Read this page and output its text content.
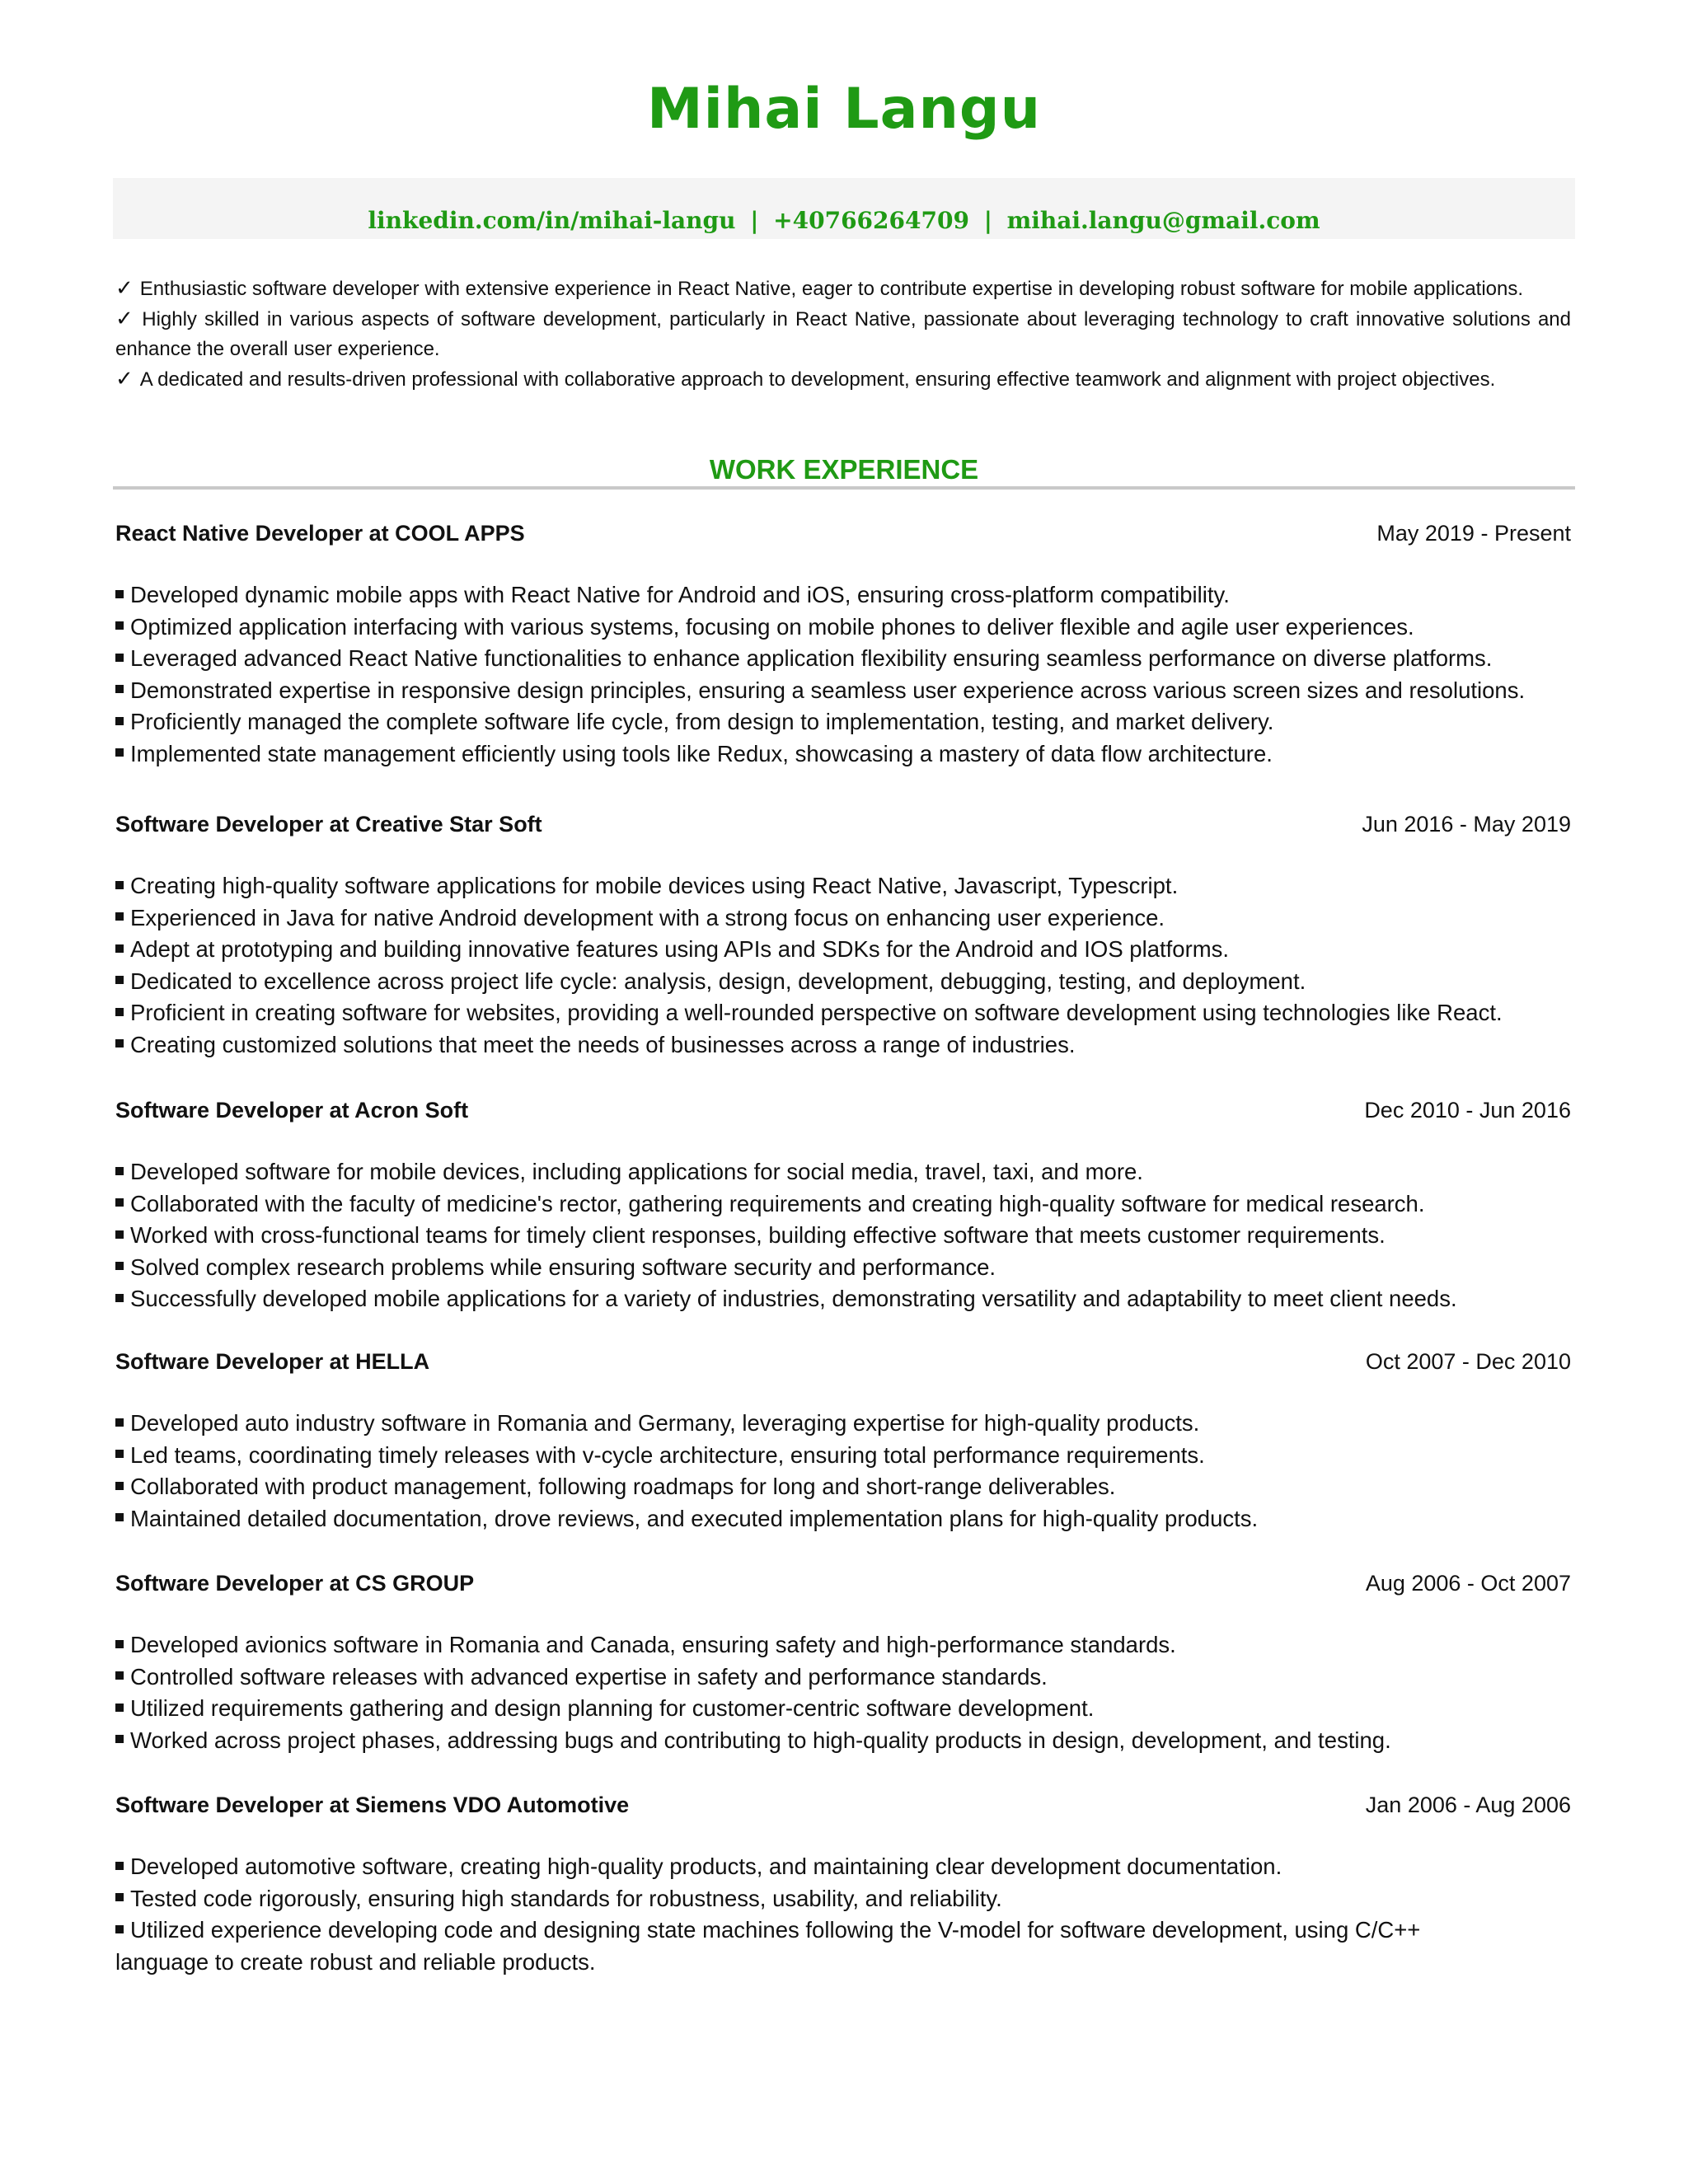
Mihai Langu
linkedin.com/in/mihai-langu | +40766264709 | mihai.langu@gmail.com

✓ Enthusiastic software developer with extensive experience in React Native, eager to contribute expertise in developing robust software for mobile applications.

✓ Highly skilled in various aspects of software development, particularly in React Native, passionate about leveraging technology to craft innovative solutions and enhance the overall user experience.

✓ A dedicated and results-driven professional with collaborative approach to development, ensuring effective teamwork and alignment with project objectives.

WORK EXPERIENCE
React Native Developer at COOL APPS	May 2019 - Present
Developed dynamic mobile apps with React Native for Android and iOS, ensuring cross-platform compatibility.
Optimized application interfacing with various systems, focusing on mobile phones to deliver flexible and agile user experiences.
Leveraged advanced React Native functionalities to enhance application flexibility ensuring seamless performance on diverse platforms.
Demonstrated expertise in responsive design principles, ensuring a seamless user experience across various screen sizes and resolutions.
Proficiently managed the complete software life cycle, from design to implementation, testing, and market delivery.
Implemented state management efficiently using tools like Redux, showcasing a mastery of data flow architecture.
Software Developer at Creative Star Soft	Jun 2016 - May 2019
Creating high-quality software applications for mobile devices using React Native, Javascript, Typescript.
Experienced in Java for native Android development with a strong focus on enhancing user experience.
Adept at prototyping and building innovative features using APIs and SDKs for the Android and IOS platforms.
Dedicated to excellence across project life cycle: analysis, design, development, debugging, testing, and deployment.
Proficient in creating software for websites, providing a well-rounded perspective on software development using technologies like React.
Creating customized solutions that meet the needs of businesses across a range of industries.
Software Developer at Acron Soft	Dec 2010 - Jun 2016
Developed software for mobile devices, including applications for social media, travel, taxi, and more.
Collaborated with the faculty of medicine's rector, gathering requirements and creating high-quality software for medical research.
Worked with cross-functional teams for timely client responses, building effective software that meets customer requirements.
Solved complex research problems while ensuring software security and performance.
Successfully developed mobile applications for a variety of industries, demonstrating versatility and adaptability to meet client needs.
Software Developer at HELLA	Oct 2007 - Dec 2010
Developed auto industry software in Romania and Germany, leveraging expertise for high-quality products.
Led teams, coordinating timely releases with v-cycle architecture, ensuring total performance requirements.
Collaborated with product management, following roadmaps for long and short-range deliverables.
Maintained detailed documentation, drove reviews, and executed implementation plans for high-quality products.
Software Developer at CS GROUP	Aug 2006 - Oct 2007
Developed avionics software in Romania and Canada, ensuring safety and high-performance standards.
Controlled software releases with advanced expertise in safety and performance standards.
Utilized requirements gathering and design planning for customer-centric software development.
Worked across project phases, addressing bugs and contributing to high-quality products in design, development, and testing.
Software Developer at Siemens VDO Automotive	Jan 2006 - Aug 2006
Developed automotive software, creating high-quality products, and maintaining clear development documentation.
Tested code rigorously, ensuring high standards for robustness, usability, and reliability.
Utilized experience developing code and designing state machines following the V-model for software development, using C/C++ language to create robust and reliable products.
